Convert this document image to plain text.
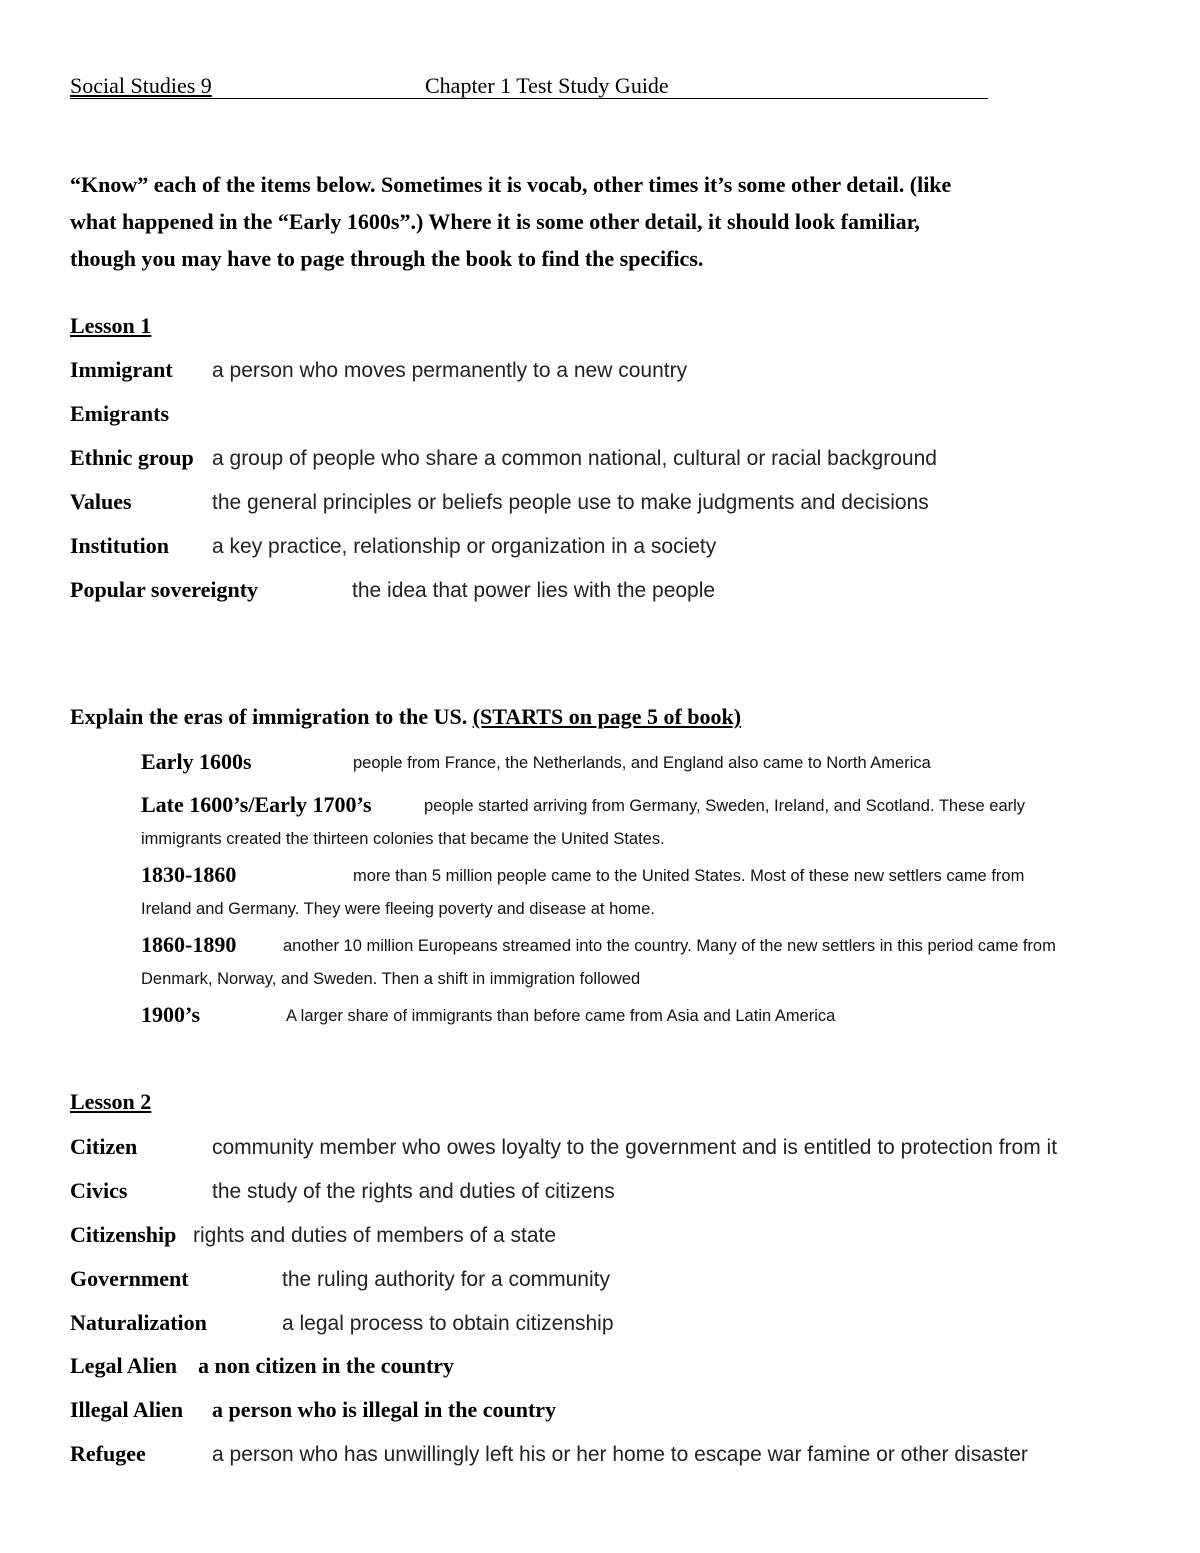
Social Studies 9	Chapter 1 Test Study Guide
“Know” each of the items below. Sometimes it is vocab, other times it’s some other detail. (like
what happened in the “Early 1600s”.) Where it is some other detail, it should look familiar,
though you may have to page through the book to find the specifics.
Lesson 1
Immigrant a person who moves permanently to a new country
Emigrants
Ethnic group a group of people who share a common national, cultural or racial background
Values	the general principles or beliefs people use to make judgments and decisions
Institution a key practice, relationship or organization in a society
Popular sovereignty	the idea that power lies with the people
Explain the eras of immigration to the US. (STARTS on page 5 of book)
Early 1600s	people from France, the Netherlands, and England also came to North America
Late 1600’s/Early 1700’s	people started arriving from Germany, Sweden, Ireland, and Scotland. These early
immigrants created the thirteen colonies that became the United States.
1830-1860	more than 5 million people came to the United States. Most of these new settlers came from
Ireland and Germany. They were fleeing poverty and disease at home.
1860-1890	another 10 million Europeans streamed into the country. Many of the new settlers in this period came from
Denmark, Norway, and Sweden. Then a shift in immigration followed
1900’s	A larger share of immigrants than before came from Asia and Latin America
Lesson 2
Citizen	community member who owes loyalty to the government and is entitled to protection from it
Civics	the study of the rights and duties of citizens
Citizenship rights and duties of members of a state
Government	the ruling authority for a community
Naturalization	a legal process to obtain citizenship
Legal Alien a non citizen in the country
Illegal Alien a person who is illegal in the country
Refugee	a person who has unwillingly left his or her home to escape war famine or other disaster
